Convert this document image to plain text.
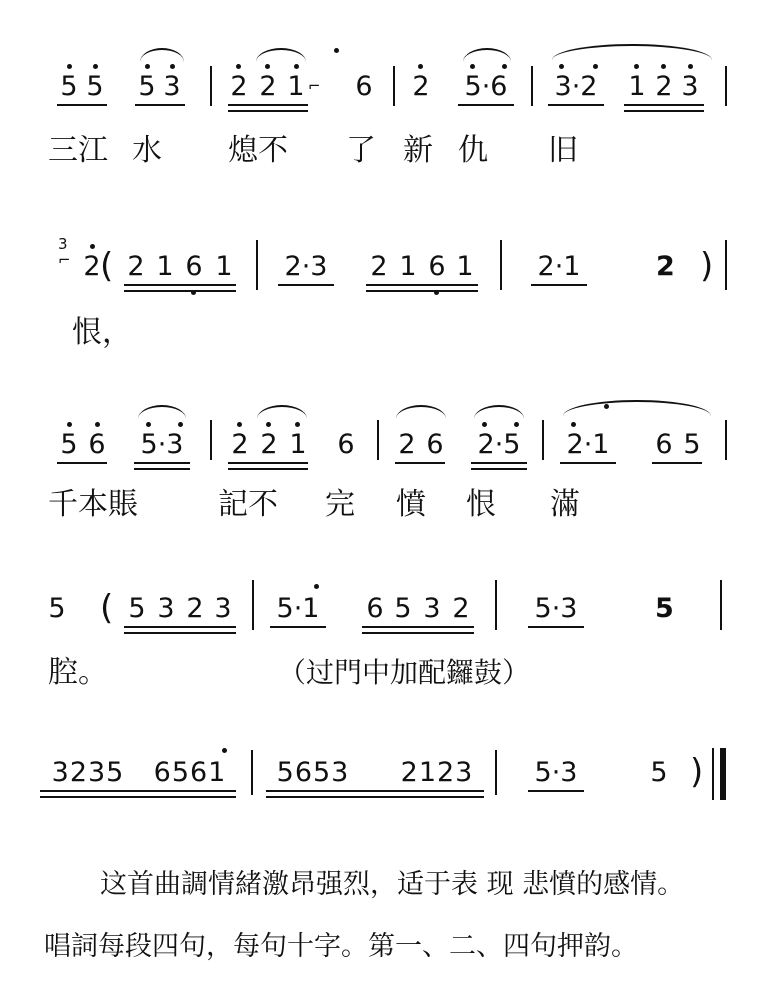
5 5 5 3 2 2 1 ⌐ 6 2 5·6 3·2 1 2 3
三江 水 熄不 了 新 仇 旧
3
⌐ 2 ( 2 1 6 1 2·3 2 1 6 1 2·1	2 )
恨，
5 6 5·3 2 2 1 6 2 6 2·5 2·1 6 5
千本賬	記不 完 憤 恨 滿
5 ( 5 3 2 3 5·1 6 5 3 2 5·3	5
腔。	（过門中加配鑼鼓）
3235 6561	5653	2123	5·3	5 )

这首曲調情緒激昂强烈，适于表 现 悲憤的感情。

唱詞每段四句，每句十字。第一、二、四句押韵。
